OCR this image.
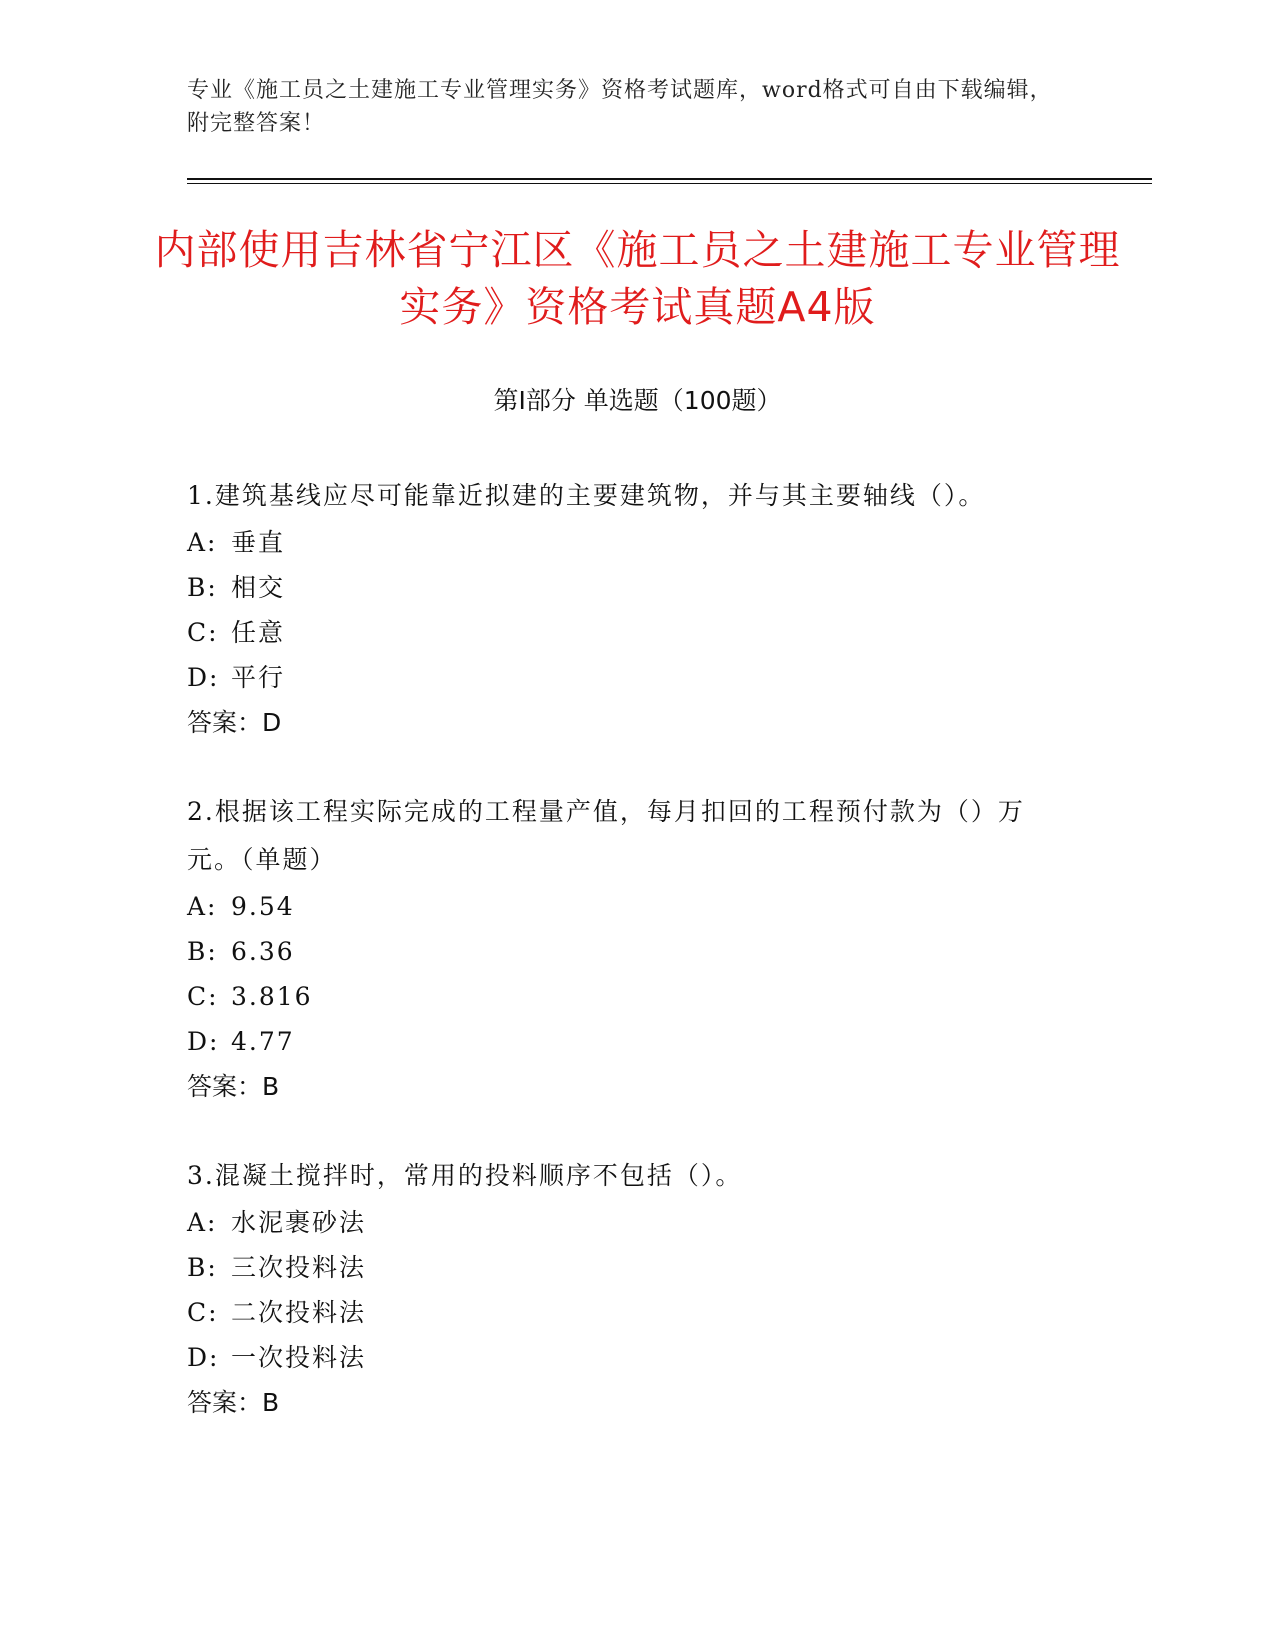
专业《施工员之土建施工专业管理实务》资格考试题库，word格式可自由下载编辑，附完整答案！
内部使用吉林省宁江区《施工员之土建施工专业管理实务》资格考试真题A4版
第Ⅰ部分 单选题（100题）

1.建筑基线应尽可能靠近拟建的主要建筑物，并与其主要轴线（）。

A: 垂直

B: 相交

C: 任意

D: 平行

答案：D

2.根据该工程实际完成的工程量产值，每月扣回的工程预付款为（）万元。（单题）

A: 9.54

B: 6.36

C: 3.816

D: 4.77

答案：B

3.混凝土搅拌时，常用的投料顺序不包括（）。

A: 水泥裹砂法

B: 三次投料法

C: 二次投料法

D: 一次投料法

答案：B
